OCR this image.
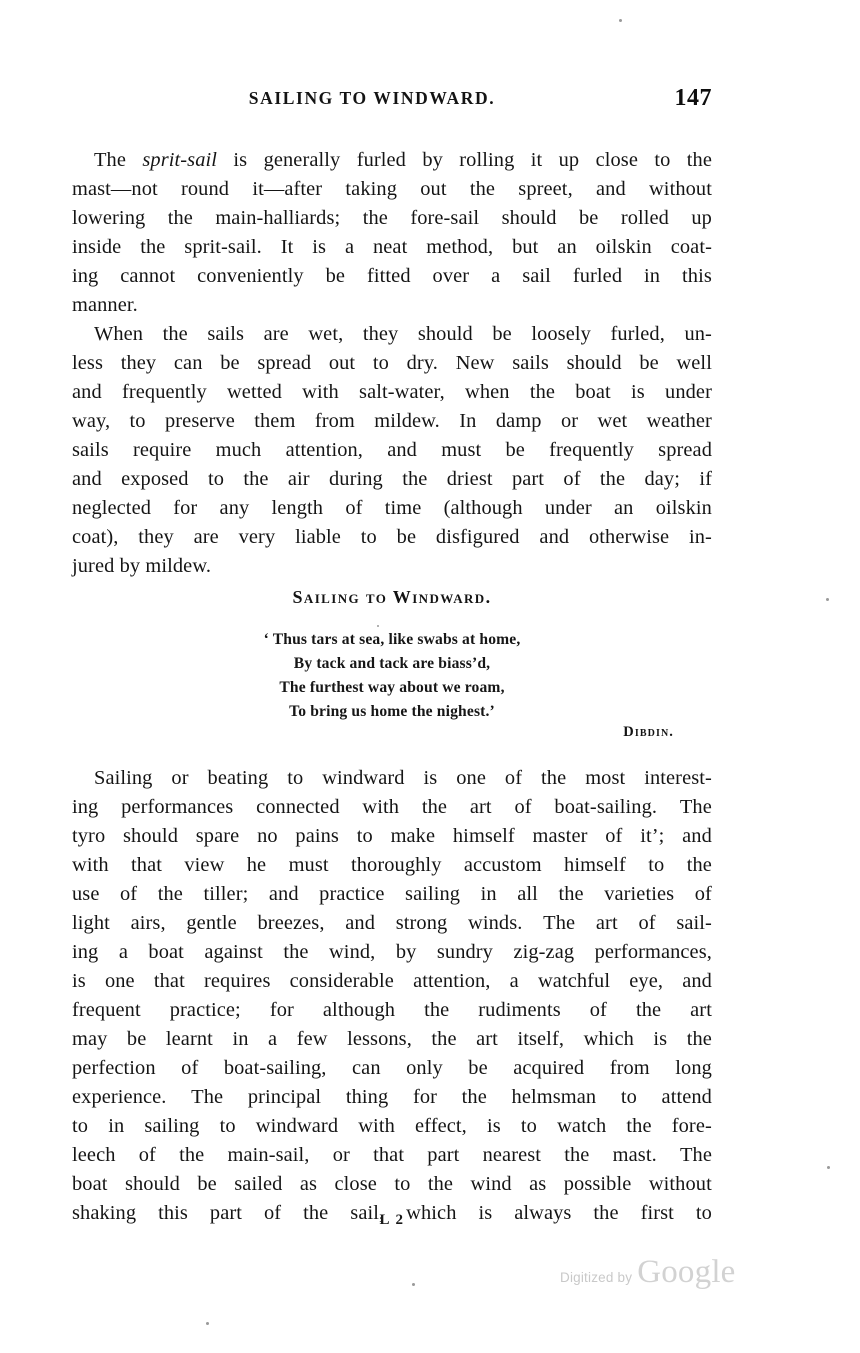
SAILING TO WINDWARD.	147
The sprit-sail is generally furled by rolling it up close to the
mast—not round it—after taking out the spreet, and without
lowering the main-halliards; the fore-sail should be rolled up
inside the sprit-sail. It is a neat method, but an oilskin coat-
ing cannot conveniently be fitted over a sail furled in this
manner.
When the sails are wet, they should be loosely furled, un-
less they can be spread out to dry. New sails should be well
and frequently wetted with salt-water, when the boat is under
way, to preserve them from mildew. In damp or wet weather
sails require much attention, and must be frequently spread
and exposed to the air during the driest part of the day; if
neglected for any length of time (although under an oilskin
coat), they are very liable to be disfigured and otherwise in-
jured by mildew.
Sailing to Windward.
‘ Thus tars at sea, like swabs at home,
By tack and tack are biass’d,
The furthest way about we roam,
To bring us home the nighest.’
Dibdin.
Sailing or beating to windward is one of the most interest-
ing performances connected with the art of boat-sailing. The
tyro should spare no pains to make himself master of it’; and
with that view he must thoroughly accustom himself to the
use of the tiller; and practice sailing in all the varieties of
light airs, gentle breezes, and strong winds. The art of sail-
ing a boat against the wind, by sundry zig-zag performances,
is one that requires considerable attention, a watchful eye, and
frequent practice; for although the rudiments of the art
may be learnt in a few lessons, the art itself, which is the
perfection of boat-sailing, can only be acquired from long
experience. The principal thing for the helmsman to attend
to in sailing to windward with effect, is to watch the fore-
leech of the main-sail, or that part nearest the mast. The
boat should be sailed as close to the wind as possible without
shaking this part of the sail, which is always the first to
L 2
Digitized by Google
